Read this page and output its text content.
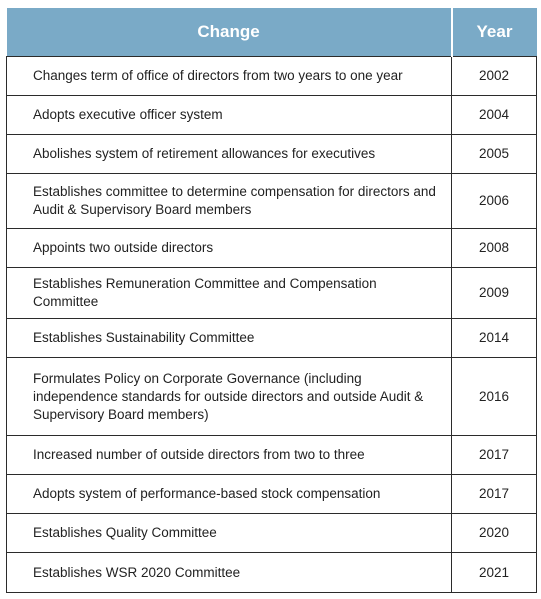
Change	Year
Changes term of office of directors from two years to one year	2002
Adopts executive officer system	2004
Abolishes system of retirement allowances for executives	2005
Establishes committee to determine compensation for directors and Audit & Supervisory Board members	2006
Appoints two outside directors	2008
Establishes Remuneration Committee and Compensation Committee	2009
Establishes Sustainability Committee	2014
Formulates Policy on Corporate Governance (including independence standards for outside directors and outside Audit & Supervisory Board members)	2016
Increased number of outside directors from two to three	2017
Adopts system of performance-based stock compensation	2017
Establishes Quality Committee	2020
Establishes WSR 2020 Committee	2021
